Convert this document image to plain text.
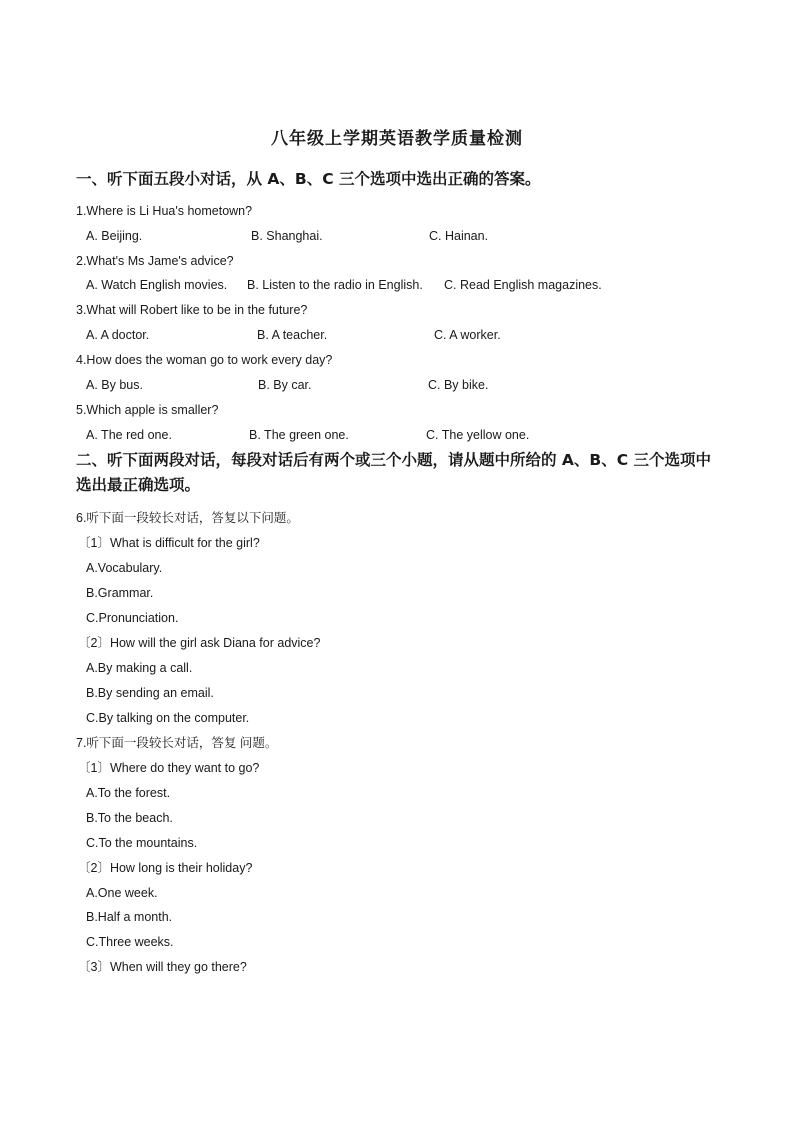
八年级上学期英语教学质量检测
一、听下面五段小对话，从 A、B、C 三个选项中选出正确的答案。
1.Where is Li Hua's hometown?
A. Beijing.	B. Shanghai.	C. Hainan.
2.What's Ms Jame's advice?
A. Watch English movies. B. Listen to the radio in English. C. Read English magazines.
3.What will Robert like to be in the future?
A. A doctor.	B. A teacher.	C. A worker.
4.How does the woman go to work every day?
A. By bus.	B. By car.	C. By bike.
5.Which apple is smaller?
A. The red one.	B. The green one.	C. The yellow one.
二、听下面两段对话，每段对话后有两个或三个小题，请从题中所给的 A、B、C 三个选项中
选出最正确选项。
6.听下面一段较长对话，答复以下问题。
〔1〕What is difficult for the girl?
A.Vocabulary.
B.Grammar.
C.Pronunciation.
〔2〕How will the girl ask Diana for advice?
A.By making a call.
B.By sending an email.
C.By talking on the computer.
7.听下面一段较长对话，答复 问题。
〔1〕Where do they want to go?
A.To the forest.
B.To the beach.
C.To the mountains.
〔2〕How long is their holiday?
A.One week.
B.Half a month.
C.Three weeks.
〔3〕When will they go there?
